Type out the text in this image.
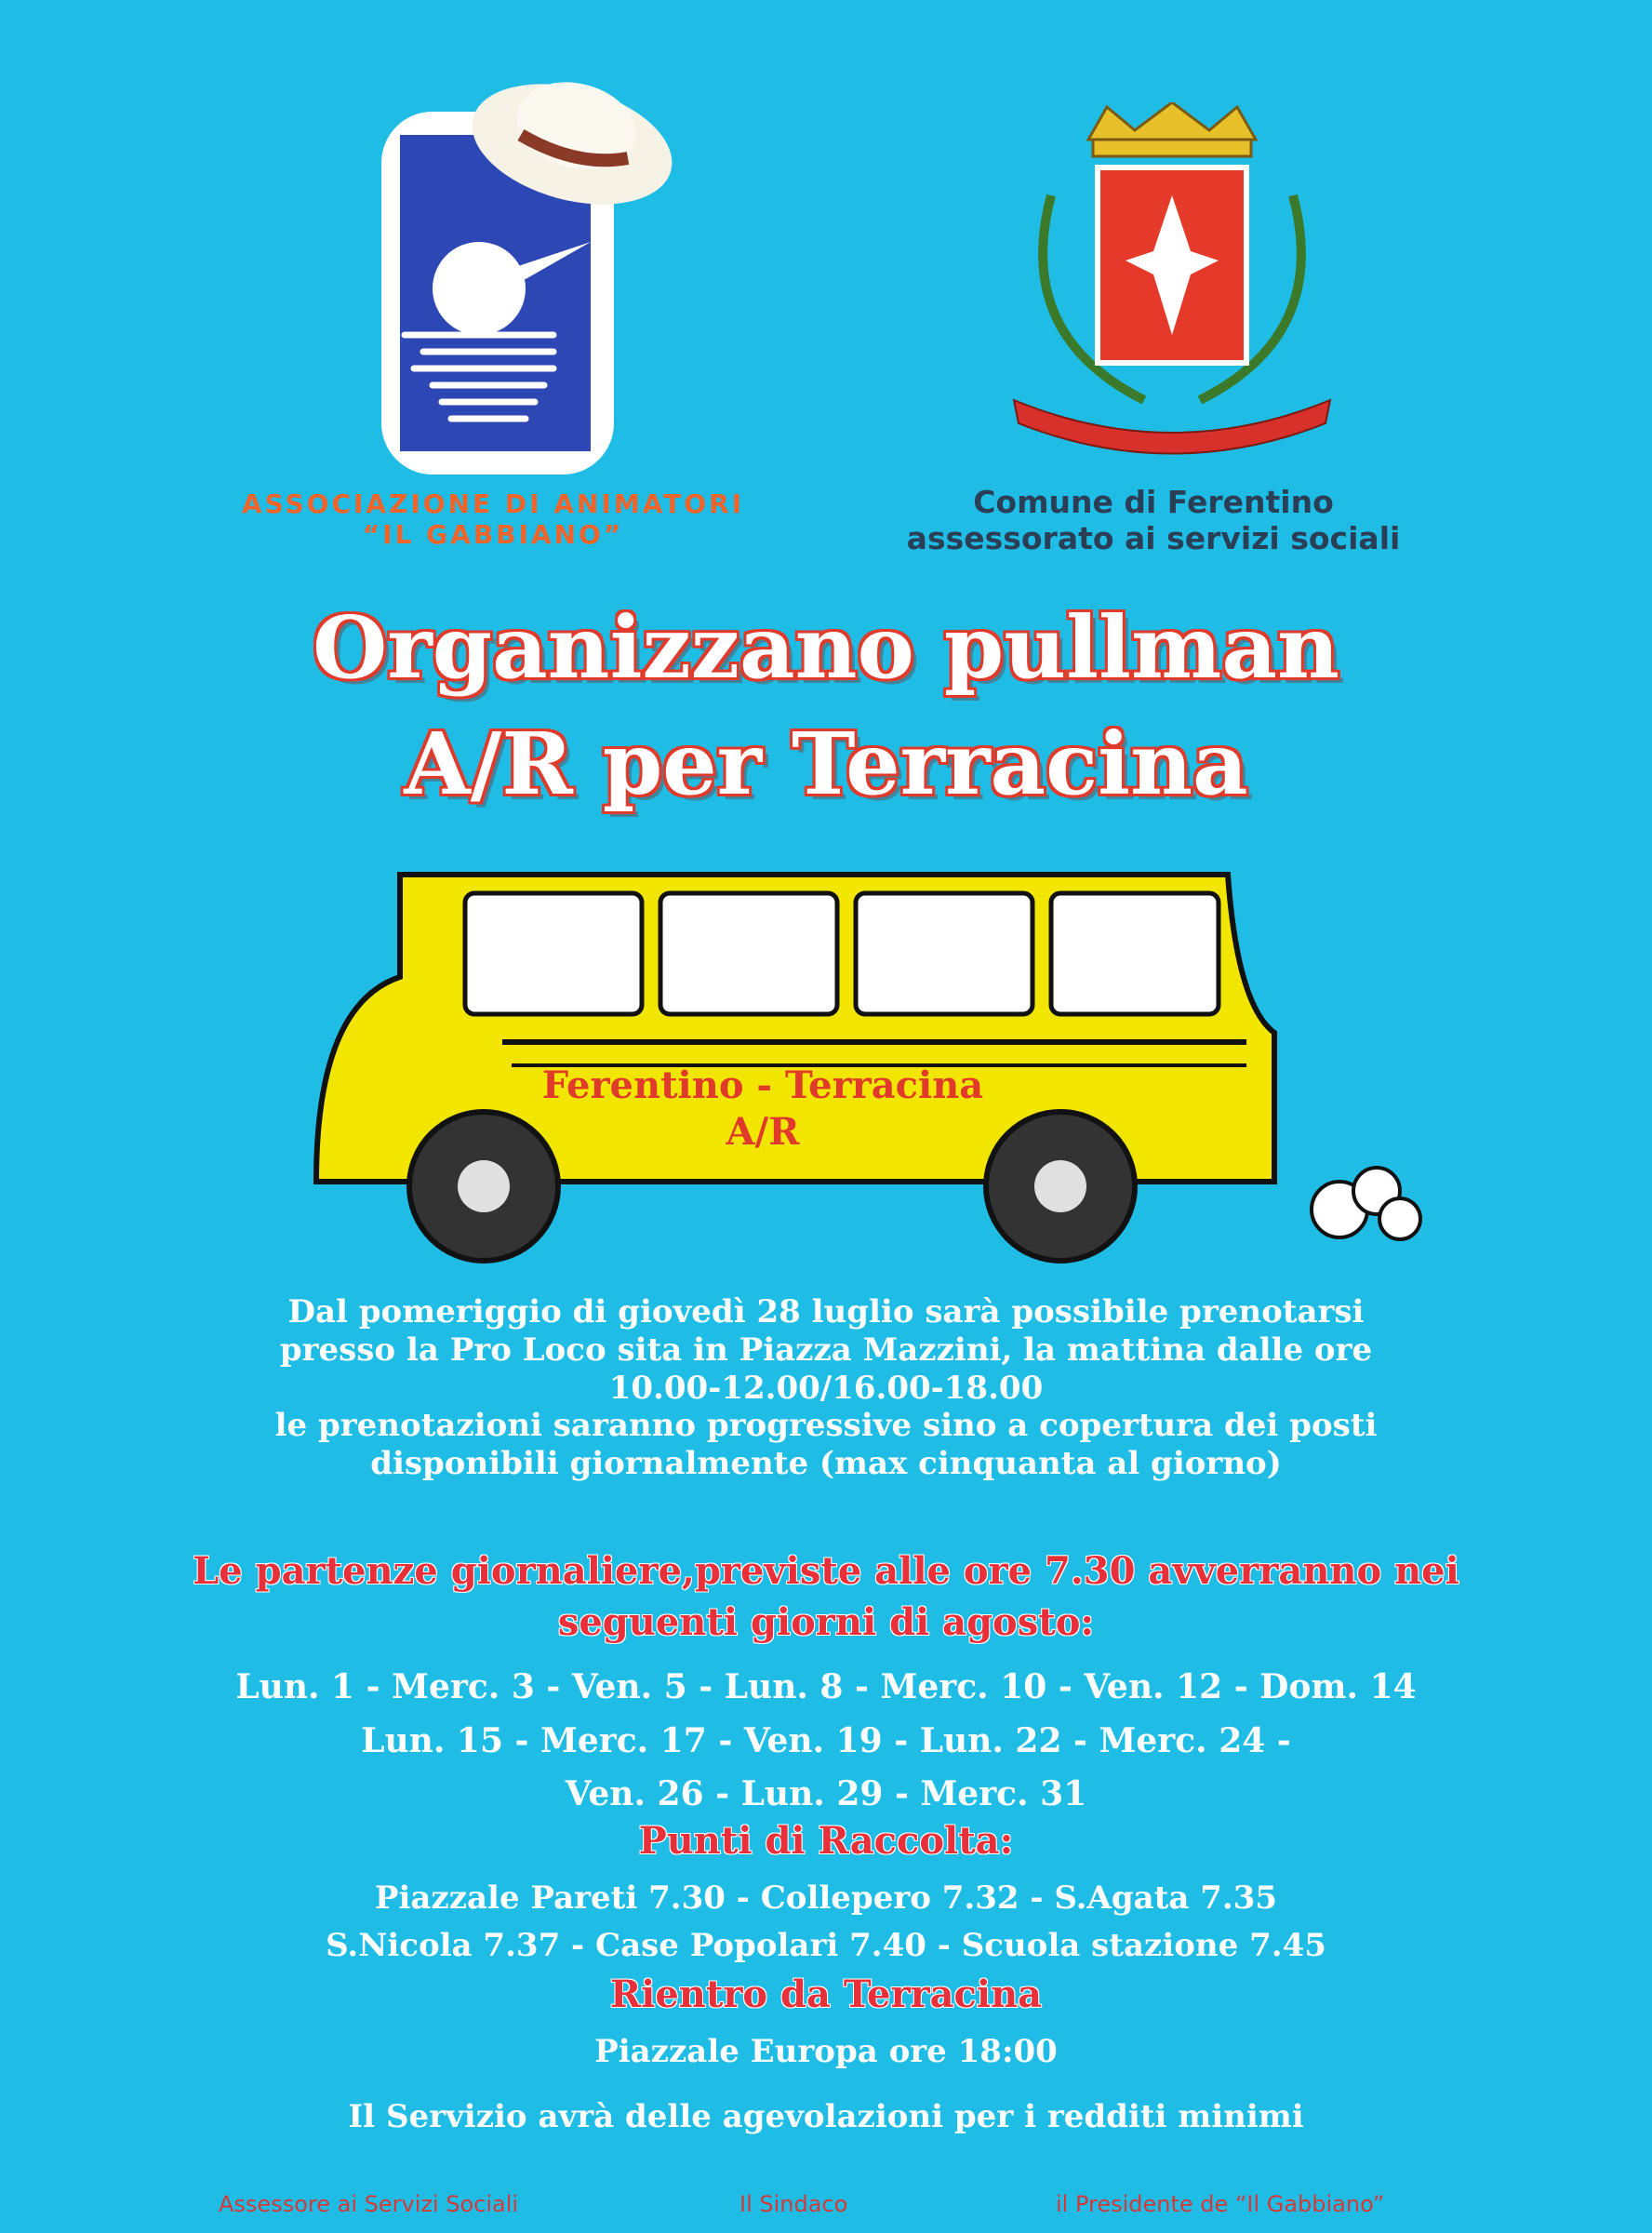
ASSOCIAZIONE DI ANIMATORI
“IL GABBIANO”
Comune di Ferentino
assessorato ai servizi sociali
Organizzano pullman
A/R per Terracina
Ferentino - Terracina
A/R
Dal pomeriggio di giovedì 28 luglio sarà possibile prenotarsi
presso la Pro Loco sita in Piazza Mazzini, la mattina dalle ore
10.00-12.00/16.00-18.00
le prenotazioni saranno progressive sino a copertura dei posti
disponibili giornalmente (max cinquanta al giorno)
Le partenze giornaliere,previste alle ore 7.30 avverranno nei
seguenti giorni di agosto:
Lun. 1 - Merc. 3 - Ven. 5 - Lun. 8 - Merc. 10 - Ven. 12 - Dom. 14
Lun. 15 - Merc. 17 - Ven. 19 - Lun. 22 - Merc. 24 -
Ven. 26 - Lun. 29 - Merc. 31
Punti di Raccolta:
Piazzale Pareti 7.30 - Collepero 7.32 - S.Agata 7.35
S.Nicola 7.37 - Case Popolari 7.40 - Scuola stazione 7.45
Rientro da Terracina
Piazzale Europa ore 18:00
Il Servizio avrà delle agevolazioni per i redditi minimi
Assessore ai Servizi Sociali	Il Sindaco	il Presidente de “Il Gabbiano”
